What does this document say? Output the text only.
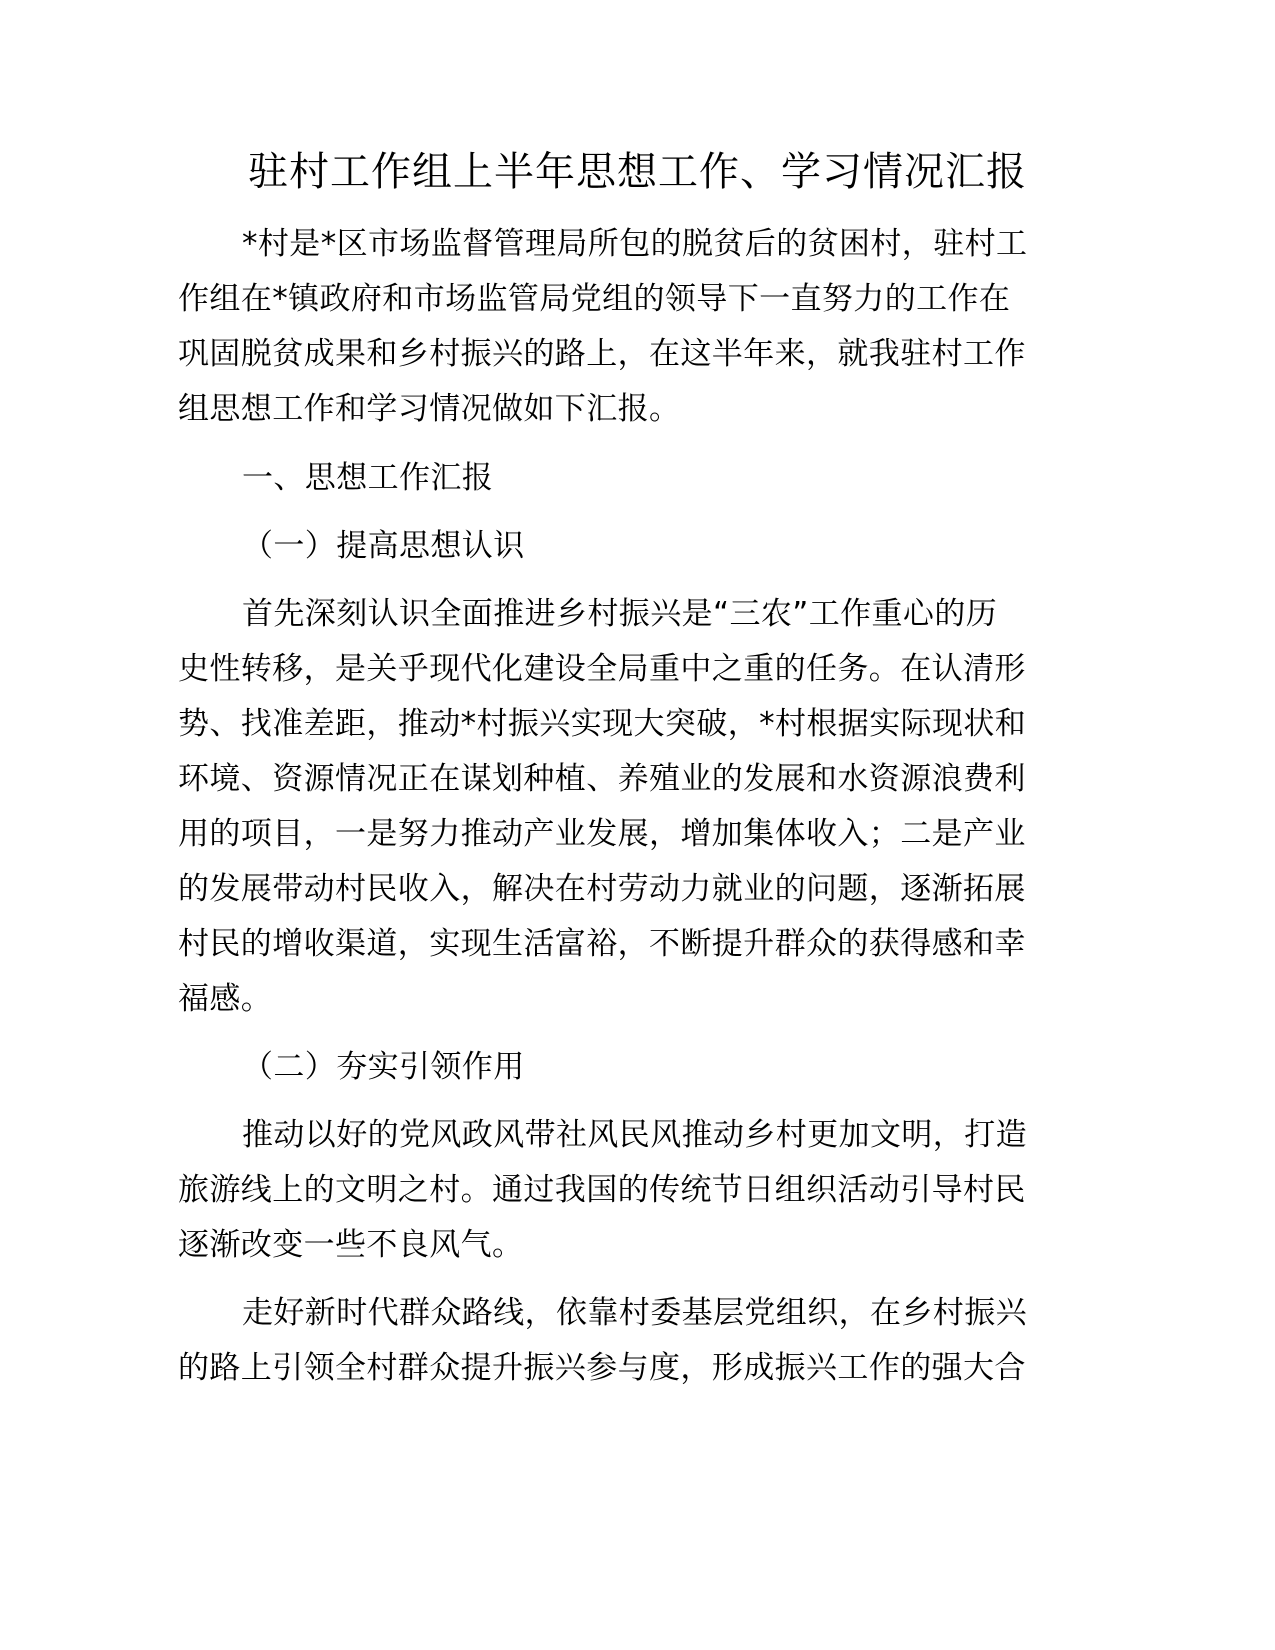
驻村工作组上半年思想工作、学习情况汇报
*村是*区市场监督管理局所包的脱贫后的贫困村，驻村工
作组在*镇政府和市场监管局党组的领导下一直努力的工作在
巩固脱贫成果和乡村振兴的路上，在这半年来，就我驻村工作
组思想工作和学习情况做如下汇报。
一、思想工作汇报
（一）提高思想认识
首先深刻认识全面推进乡村振兴是“三农”工作重心的历
史性转移，是关乎现代化建设全局重中之重的任务。在认清形
势、找准差距，推动*村振兴实现大突破，*村根据实际现状和
环境、资源情况正在谋划种植、养殖业的发展和水资源浪费利
用的项目，一是努力推动产业发展，增加集体收入；二是产业
的发展带动村民收入，解决在村劳动力就业的问题，逐渐拓展
村民的增收渠道，实现生活富裕，不断提升群众的获得感和幸
福感。
（二）夯实引领作用
推动以好的党风政风带社风民风推动乡村更加文明，打造
旅游线上的文明之村。通过我国的传统节日组织活动引导村民
逐渐改变一些不良风气。
走好新时代群众路线，依靠村委基层党组织，在乡村振兴
的路上引领全村群众提升振兴参与度，形成振兴工作的强大合
